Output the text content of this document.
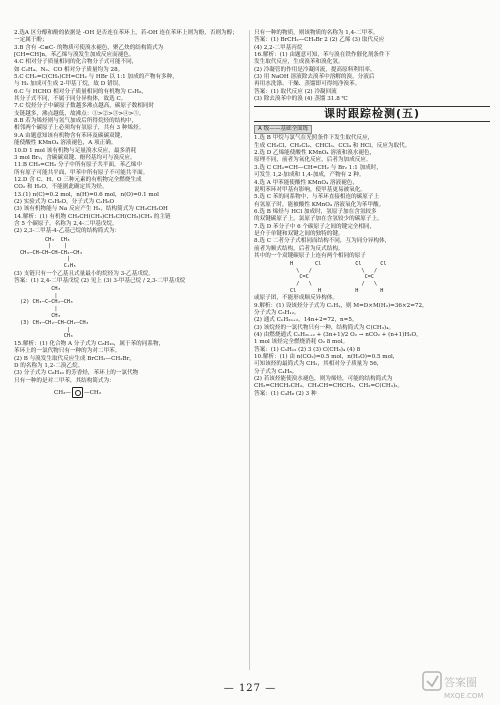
2.选A 区分醇和酚的依据是 -OH 是否连在苯环上，若-OH 连在苯环上则为酚，否则为醇；

一定属于酚；

3.B 含有 -C≡C- 的物质可使溴水褪色，聚乙炔的结构简式为

[CH=CH]n，苯乙烯与溴发生加成反应而褪色。

4.C 相对分子质量相同的化合物分子式可能不同，

如 C₂H₄、N₂、CO 相对分子质量均为 28。

5.C CH₂=C(CH₃)CH=CH₂ 与 HBr 以 1:1 加成的产物有多种，

与 H₂ 加成可生成 2-甲基丁烷，故 D 错误。

6.C 与 HCHO 相对分子质量相同的有机物为 C₂H₆，

其分子式不同，不属于同分异构体，故选 C。

7.C 烷烃分子中碳原子数越多沸点越高，碳原子数相同时

支链越多，沸点越低，故沸点：①>②>③>④>⑤。

8.B 若为烯烃则与氢气加成后所得烷烃的结构中，

相邻两个碳原子上必须均有氢原子，共有 3 种烯烃。

9.A 由题意知该有机物含有苯环及碳碳双键，

能使酸性 KMnO₄ 溶液褪色，A 项正确。

10.D 1 mol 该有机物与足量溴水反应，最多消耗

3 mol Br₂，含碳碳双键、酚羟基均可与溴反应。

11.B CH₂=CH₂ 分子中所有原子共平面，苯乙烯中

所有原子可能共平面，甲苯中所有原子不可能共平面。

12.D 含 C、H、O 三种元素的有机物完全燃烧生成

CO₂ 和 H₂O，不能据此确定其为烃。

13.(1) n(C)=0.2 mol，n(H)=0.6 mol，n(O)=0.1 mol

(2) 实验式为 C₂H₆O，分子式为 C₂H₆O

(3) 该有机物能与 Na 反应产生 H₂，结构简式为 CH₃CH₂OH

14.解析：(1) 有机物 CH₃CH(CH₃)CH₂CH(CH₃)CH₃ 的主链

含 5 个碳原子，名称为 2,4-二甲基戊烷。

(2) 2,3-二甲基-4-乙基己烷的结构简式为：

CH₃  CH₃
|    |
CH₃—CH—CH—CH—CH₂—CH₃
|
C₂H₅

(3) 支链只有一个乙基且式量最小的烷烃为 3-乙基戊烷。

答案：(1) 2,4-二甲基戊烷 (2) 见上 (3) 3-甲基己烷 / 2,3-二甲基戊烷

CH₃
|
(2) CH₃—C—CH₂—CH₃
|
CH₃
(3) CH₃—CH₂—CH—CH₂—CH₃
|
CH₃

15.解析：(1) 化合物 A 分子式为 C₈H₁₀，属于苯的同系物，

苯环上的一氯代物只有一种的为对二甲苯。

(2) B 与溴发生取代反应生成 BrCH₂—CH₂Br，

D 的名称为 1,2-二溴乙烷。

(3) 分子式为 C₈H₁₀ 的芳香烃，苯环上的一氯代物

只有一种的是对二甲苯，其结构简式为：

CH₃— —CH₃

只有一种的物质，则该物质的名称为 1,4-二甲苯。

答案：(1) BrCH₂—CH₂Br 2 (2) 乙烯 (3) 取代反应

(4) 2,2-二甲基丙烷

16.解析：(1) 由题意可知，苯与溴在铁作催化剂条件下

发生取代反应，生成溴苯和溴化氢。

(2) 冷凝管的作用是冷凝回流，提高原料利用率。

(3) 用 NaOH 溶液除去溴苯中溶解的溴，分液后

再用水洗涤、干燥、蒸馏即可得纯净溴苯。

答案：(1) 取代反应 (2) 冷凝回流

(3) 除去溴苯中的溴 (4) 蒸馏 31.8 ℃

课时跟踪检测(五)
A 级——基础全面练

1.选 B 甲烷与氯气在光照条件下发生取代反应，

生成 CH₃Cl、CH₂Cl₂、CHCl₃、CCl₄ 和 HCl，反应为取代。

2.选 D 乙烯能使酸性 KMnO₄ 溶液和溴水褪色，

原理不同，前者为氧化反应，后者为加成反应。

3.选 C CH₂=CH—CH=CH₂ 与 Br₂ 1:1 加成时，

可发生 1,2-加成和 1,4-加成，产物有 2 种。

4.选 A 甲苯能使酸性 KMnO₄ 溶液褪色，

说明苯环对甲基有影响，使甲基更易被氧化。

5.选 C 苯的同系物中，与苯环直接相连的碳原子上

有氢原子时，能被酸性 KMnO₄ 溶液氧化为苯甲酸。

6.选 B 烯烃与 HCl 加成时，氢原子加在含氢较多

的双键碳原子上，氯原子加在含氢较少的碳原子上。

7.选 D 苯分子中 6 个碳原子之间的键完全相同，

是介于单键和双键之间的独特的键。

8.选 C 二者分子式相同而结构不同，互为同分异构体，

前者为顺式结构，后者为反式结构。

其中的一个双键碳原子上连有两个相同的原子

H       Cl
\   /
C=C
/   \
Cl       H
Cl      Cl
\   /
C=C
/   \
H       H

或原子团，不能形成顺反异构体。

9.解析：(1) 设该烃分子式为 CₓHᵧ，则 M=D×M(H₂)=36×2=72，

分子式为 C₅H₁₂。

(2) 通式 CₙH₂ₙ₊₂，14n+2=72，n=5。

(3) 该烷烃的一氯代物只有一种，结构简式为 C(CH₃)₄。

(4) 由燃烧通式 CₙH₂ₙ₊₂ + (3n+1)/2 O₂ → nCO₂ + (n+1)H₂O，

1 mol 该烃完全燃烧消耗 O₂ 8 mol。

答案：(1) C₅H₁₂ (2) 3 (3) C(CH₃)₄ (4) 8

10.解析：(1) 由 n(CO₂)=0.5 mol，n(H₂O)=0.5 mol，

可知该烃的最简式为 CH₂，其相对分子质量为 56，

分子式为 C₄H₈。

(2) 若该烃能使溴水褪色，则为烯烃，可能的结构简式为

CH₂=CHCH₂CH₃、CH₃CH=CHCH₃、CH₂=C(CH₃)₂。

答案：(1) C₄H₈ (2) 3 种

— 127 —	答案圈
MXQE.COM
